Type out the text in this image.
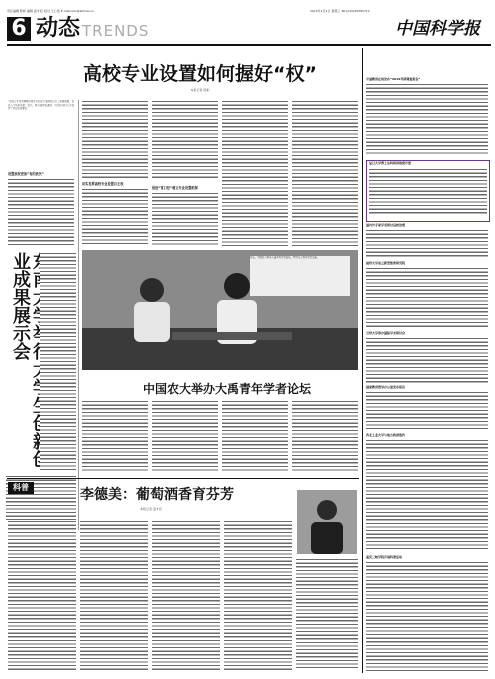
责任编辑 陈彬 编辑 温才妃 校对 王心怡 E-mail:edu@stimes.cn	2019年1月3日 星期三 Tel:(010)62580712
6 动态 TRENDS	中国科学报
高校专业设置如何握好“权”
本报记者 陈彬
“高校专业设置调整的根本目的在于服务经济社会发展需要，提高人才培养质量。”近日，教育部印发通知，对高校本科专业设置工作提出新要求。
设置放权更加“有的放矢”
切实发挥高校专业设置自主权
促进“宽口径”建立专业设置机制
业成果展示会
日前，中国农大举办大禹青年学者论坛。图为与会青年学者交流。
中国农大举办大禹青年学者论坛
科普	李德美：葡萄酒香育芬芳
本报记者 温才妃
中国教育在线发布“2019考研调查报告”
复旦大学博士生科研训练营开营
国内外专家学者研讨高校治理
福州大学成立新型智库研究院
兰州大学举办国际学术研讨会
国家教育督导办公室发布报告
西北工业大学与地方政府签约
重庆三峡学院开展科普活动
